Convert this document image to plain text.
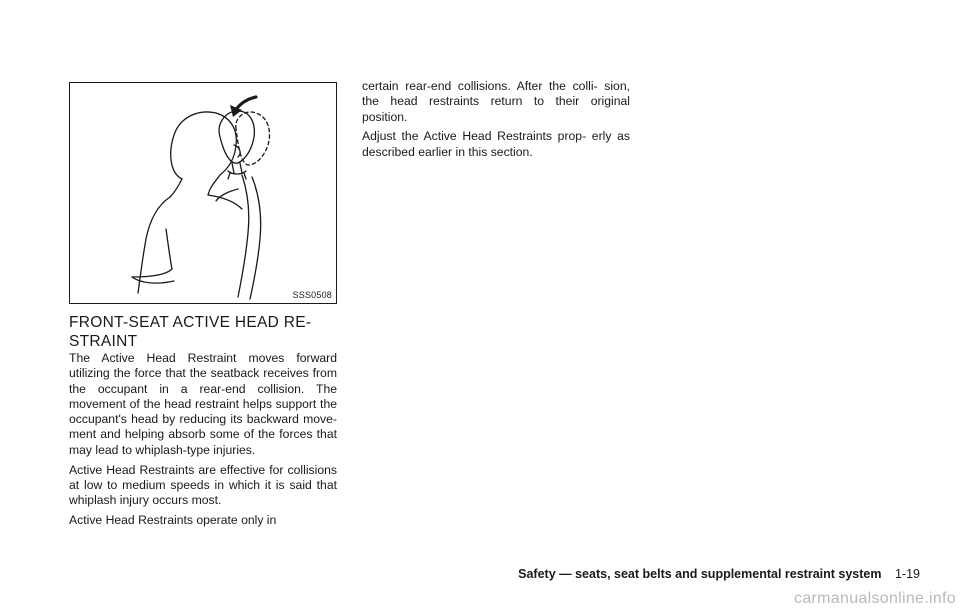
SSS0508
FRONT-SEAT ACTIVE HEAD RE- STRAINT

The Active Head Restraint moves forward utilizing the force that the seatback receives from the occupant in a rear-end collision. The movement of the head restraint helps support the occupant's head by reducing its backward move- ment and helping absorb some of the forces that may lead to whiplash-type injuries.

Active Head Restraints are effective for collisions at low to medium speeds in which it is said that whiplash injury occurs most.

Active Head Restraints operate only in

certain rear-end collisions. After the colli- sion, the head restraints return to their original position.

Adjust the Active Head Restraints prop- erly as described earlier in this section.

Safety — seats, seat belts and supplemental restraint system 1-19
carmanualsonline.info
